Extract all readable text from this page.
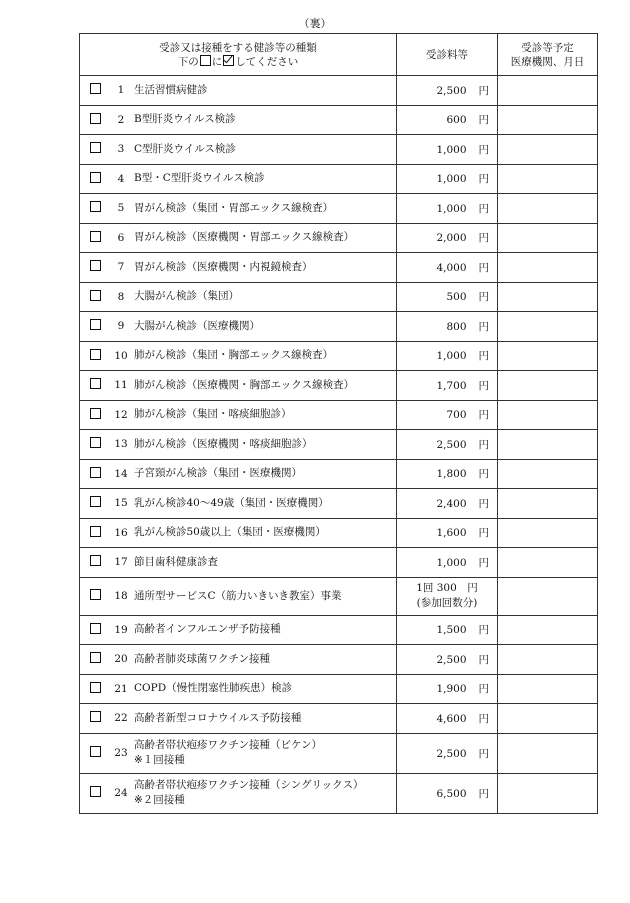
（裏）
受診又は接種をする健診等の種類
下の に してください	受診料等	受診等予定
医療機関、月日

1 生活習慣病健診	2,500 円	
2 B型肝炎ウイルス検診	600 円	
3 C型肝炎ウイルス検診	1,000 円	
4 B型・C型肝炎ウイルス検診	1,000 円	
5 胃がん検診（集団・胃部エックス線検査）	1,000 円	
6 胃がん検診（医療機関・胃部エックス線検査）	2,000 円	
7 胃がん検診（医療機関・内視鏡検査）	4,000 円	
8 大腸がん検診（集団）	500 円	
9 大腸がん検診（医療機関）	800 円	
10 肺がん検診（集団・胸部エックス線検査）	1,000 円	
11 肺がん検診（医療機関・胸部エックス線検査）	1,700 円	
12 肺がん検診（集団・喀痰細胞診）	700 円	
13 肺がん検診（医療機関・喀痰細胞診）	2,500 円	
14 子宮頸がん検診（集団・医療機関）	1,800 円	
15 乳がん検診40～49歳（集団・医療機関）	2,400 円	
16 乳がん検診50歳以上（集団・医療機関）	1,600 円	
17 節目歯科健康診査	1,000 円	
18 通所型サービスC（筋力いきいき教室）事業	1回 300　円
(参加回数分)	
19 高齢者インフルエンザ予防接種	1,500 円	
20 高齢者肺炎球菌ワクチン接種	2,500 円	
21 COPD（慢性閉塞性肺疾患）検診	1,900 円	
22 高齢者新型コロナウイルス予防接種	4,600 円	
23高齢者帯状疱疹ワクチン接種（ビケン）
※１回接種	2,500 円	
24高齢者帯状疱疹ワクチン接種（シングリックス）
※２回接種	6,500 円	
